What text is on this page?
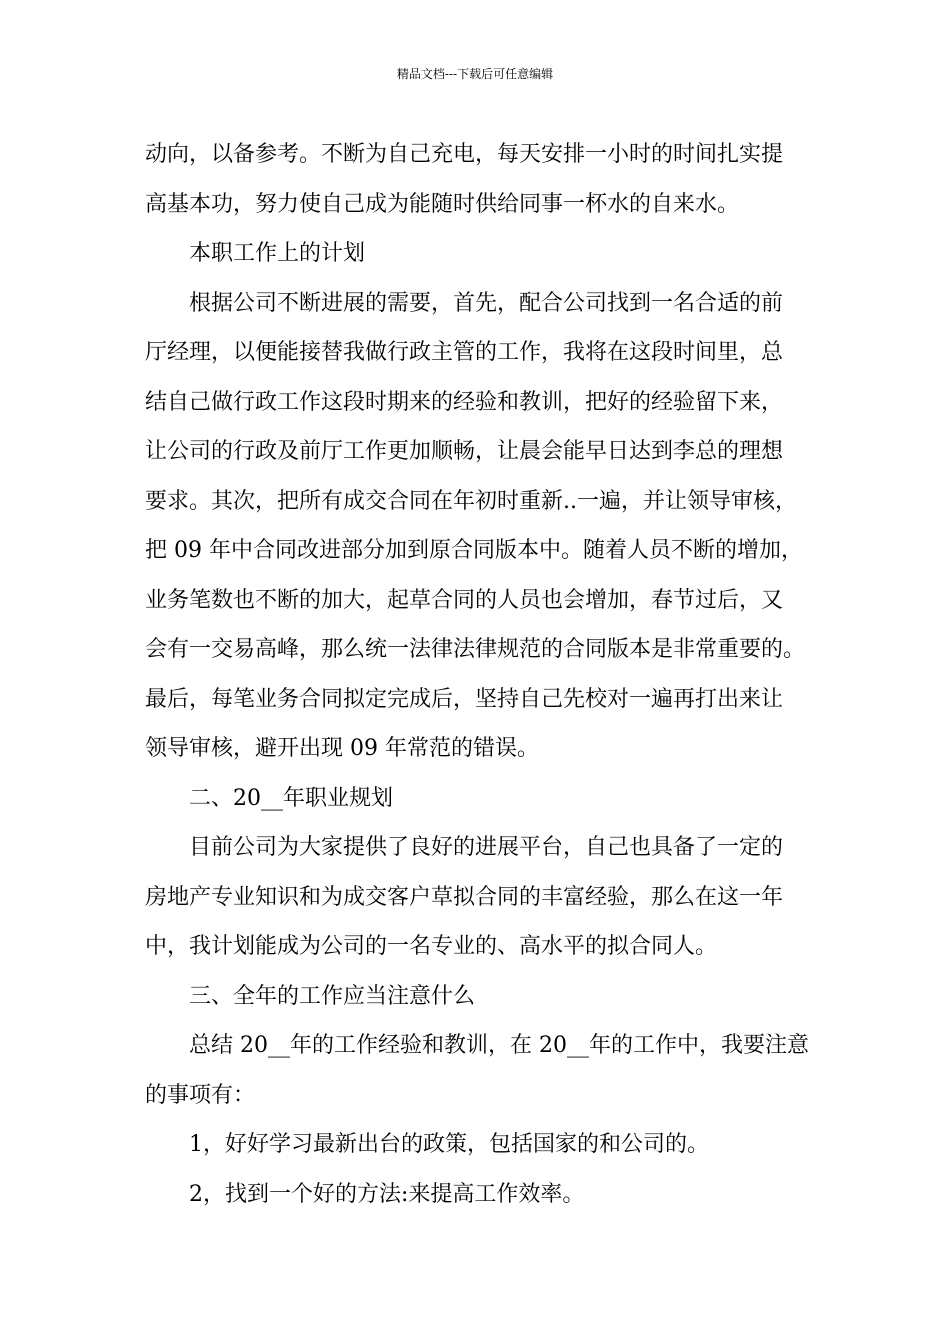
精品文档---下载后可任意编辑

动向，以备参考。不断为自己充电，每天安排一小时的时间扎实提

高基本功，努力使自己成为能随时供给同事一杯水的自来水。

本职工作上的计划

根据公司不断进展的需要，首先，配合公司找到一名合适的前

厅经理，以便能接替我做行政主管的工作，我将在这段时间里，总

结自己做行政工作这段时期来的经验和教训，把好的经验留下来，

让公司的行政及前厅工作更加顺畅，让晨会能早日达到李总的理想

要求。其次，把所有成交合同在年初时重新..一遍，并让领导审核，

把 09 年中合同改进部分加到原合同版本中。随着人员不断的增加，

业务笔数也不断的加大，起草合同的人员也会增加，春节过后，又

会有一交易高峰，那么统一法律法律规范的合同版本是非常重要的。

最后，每笔业务合同拟定完成后，坚持自己先校对一遍再打出来让

领导审核，避开出现 09 年常范的错误。

二、20__年职业规划

目前公司为大家提供了良好的进展平台，自己也具备了一定的

房地产专业知识和为成交客户草拟合同的丰富经验，那么在这一年

中，我计划能成为公司的一名专业的、高水平的拟合同人。

三、全年的工作应当注意什么

总结 20__年的工作经验和教训，在 20__年的工作中，我要注意

的事项有：

1，好好学习最新出台的政策，包括国家的和公司的。

2，找到一个好的方法:来提高工作效率。
